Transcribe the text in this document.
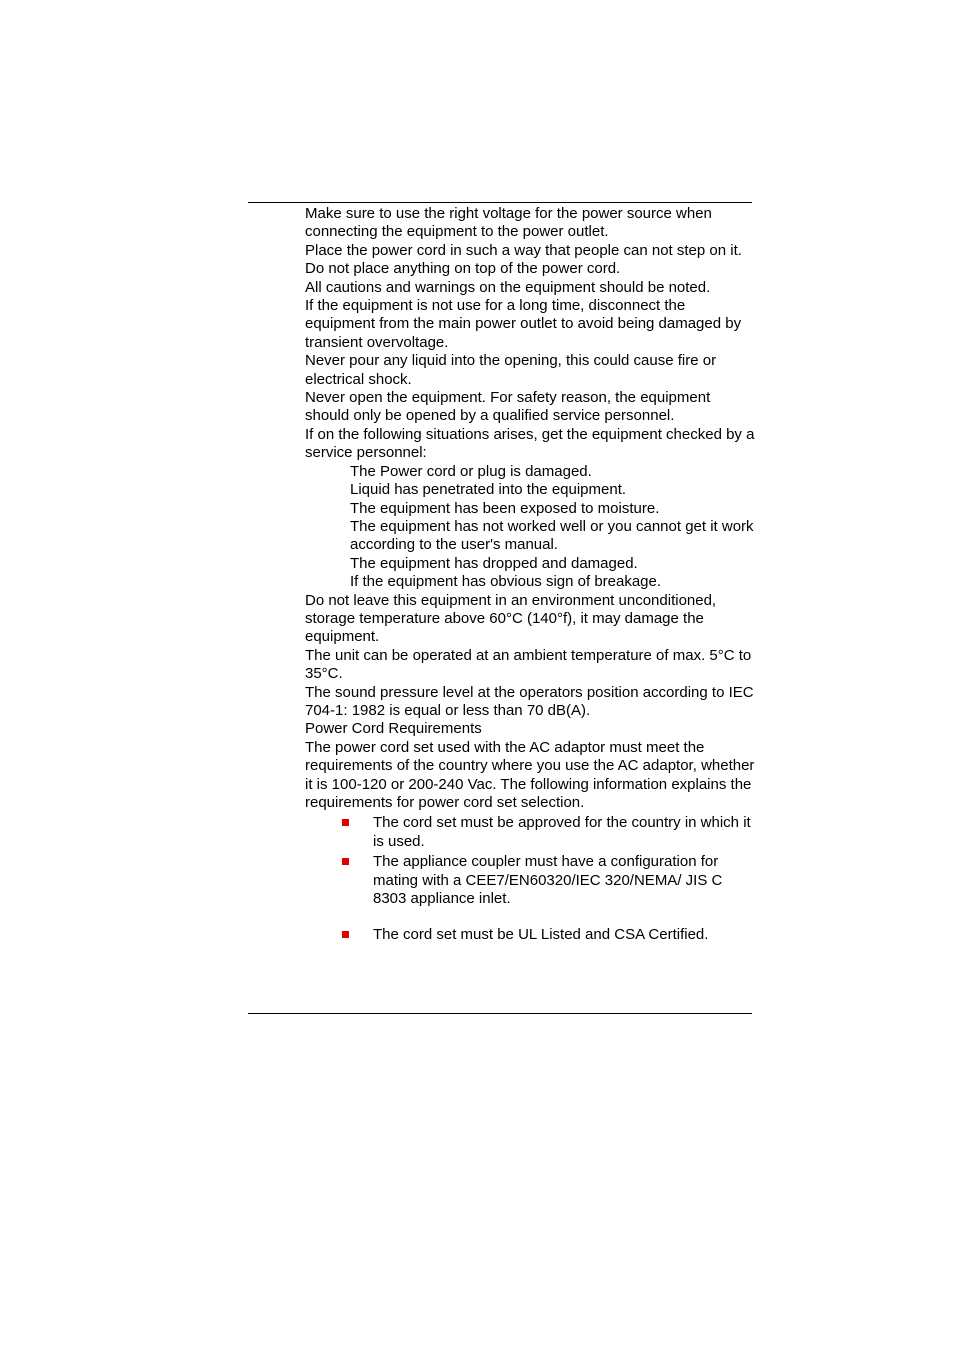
Make sure to use the right voltage for the power source when connecting the equipment to the power outlet.

Place the power cord in such a way that people can not step on it. Do not place anything on top of the power cord.

All cautions and warnings on the equipment should be noted.

If the equipment is not use for a long time, disconnect the equipment from the main power outlet to avoid being damaged by transient overvoltage.

Never pour any liquid into the opening, this could cause fire or electrical shock.

Never open the equipment. For safety reason, the equipment should only be opened by a qualified service personnel.

If on the following situations arises, get the equipment checked by a service personnel:

The Power cord or plug is damaged.

Liquid has penetrated into the equipment.

The equipment has been exposed to moisture.

The equipment has not worked well or you cannot get it work according to the user's manual.

The equipment has dropped and damaged.

If the equipment has obvious sign of breakage.

Do not leave this equipment in an environment unconditioned, storage temperature above 60°C (140°f), it may damage the equipment.

The unit can be operated at an ambient temperature of max. 5°C to 35°C.

The sound pressure level at the operators position according to IEC 704-1: 1982 is equal or less than 70 dB(A).

Power Cord Requirements

The power cord set used with the AC adaptor must meet the requirements of the country where you use the AC adaptor, whether it is 100-120 or 200-240 Vac. The following information explains the requirements for power cord set selection.

The cord set must be approved for the country in which it is used.
The appliance coupler must have a configuration for mating with a CEE7/EN60320/IEC 320/NEMA/ JIS C 8303 appliance inlet.
The cord set must be UL Listed and CSA Certified.
